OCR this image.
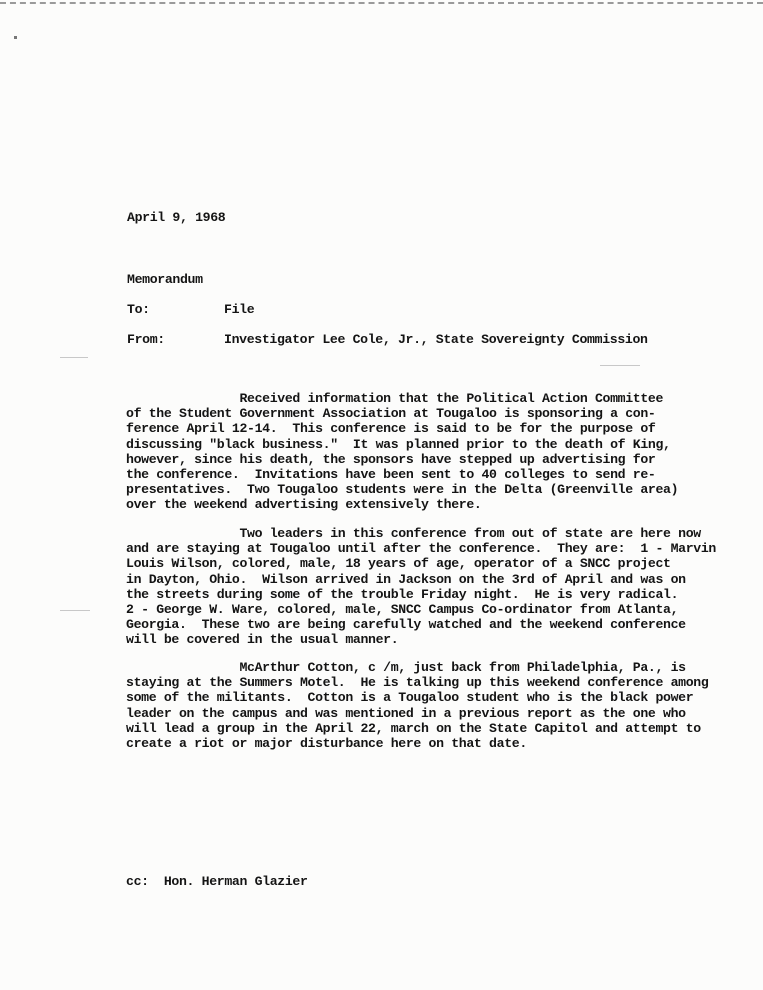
April 9, 1968
Memorandum
To:	File
From:	Investigator Lee Cole, Jr., State Sovereignty Commission
Received information that the Political Action Committee
of the Student Government Association at Tougaloo is sponsoring a con-
ference April 12-14.  This conference is said to be for the purpose of
discussing "black business."  It was planned prior to the death of King,
however, since his death, the sponsors have stepped up advertising for
the conference.  Invitations have been sent to 40 colleges to send re-
presentatives.  Two Tougaloo students were in the Delta (Greenville area)
over the weekend advertising extensively there.
Two leaders in this conference from out of state are here now
and are staying at Tougaloo until after the conference.  They are:  1 - Marvin
Louis Wilson, colored, male, 18 years of age, operator of a SNCC project
in Dayton, Ohio.  Wilson arrived in Jackson on the 3rd of April and was on
the streets during some of the trouble Friday night.  He is very radical.
2 - George W. Ware, colored, male, SNCC Campus Co-ordinator from Atlanta,
Georgia.  These two are being carefully watched and the weekend conference
will be covered in the usual manner.
McArthur Cotton, c /m, just back from Philadelphia, Pa., is
staying at the Summers Motel.  He is talking up this weekend conference among
some of the militants.  Cotton is a Tougaloo student who is the black power
leader on the campus and was mentioned in a previous report as the one who
will lead a group in the April 22, march on the State Capitol and attempt to
create a riot or major disturbance here on that date.
cc:  Hon. Herman Glazier
